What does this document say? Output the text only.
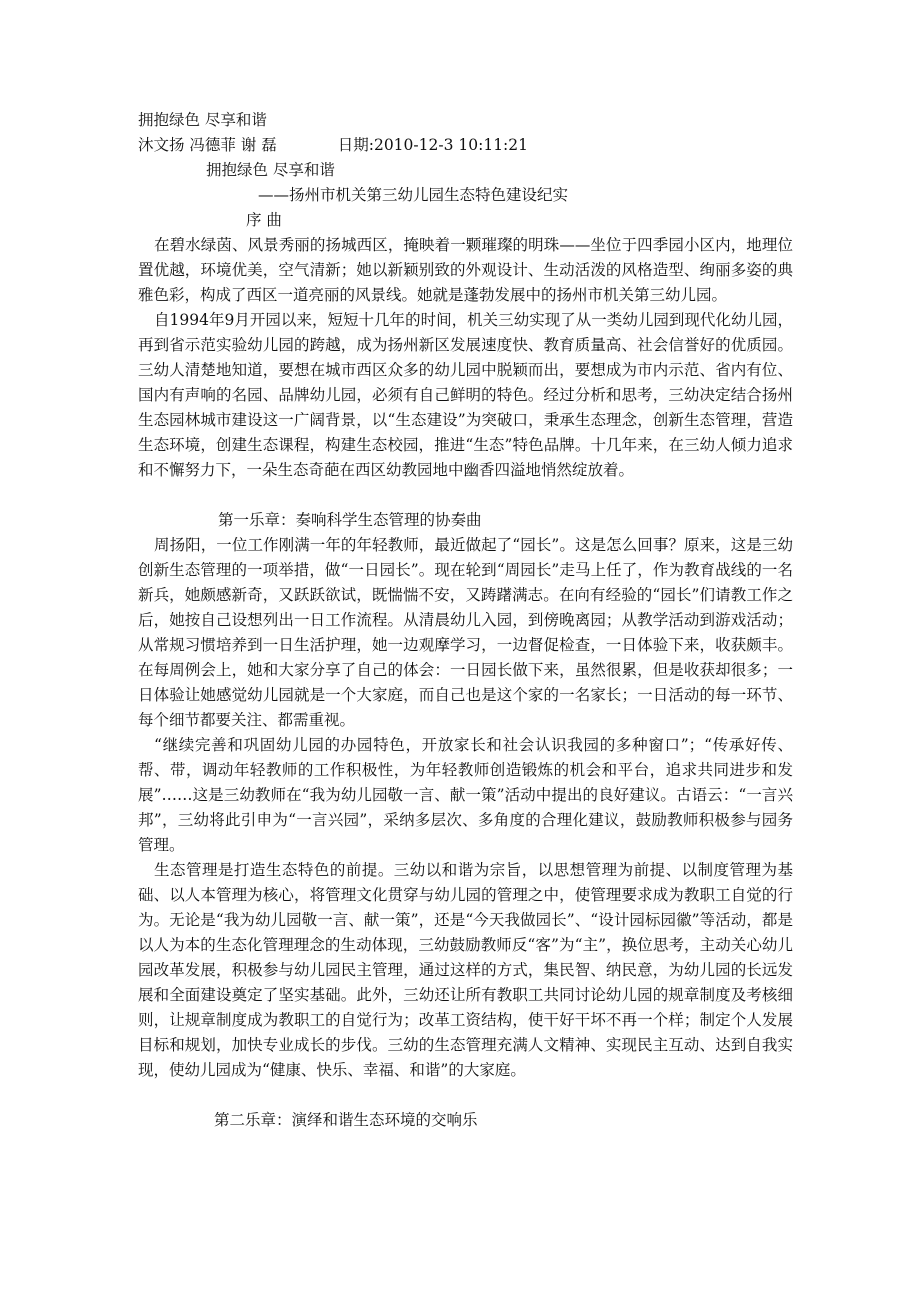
拥抱绿色 尽享和谐
沐文扬 冯德菲 谢 磊	日期:2010-12-3 10:11:21
拥抱绿色 尽享和谐
——扬州市机关第三幼儿园生态特色建设纪实
序 曲

在碧水绿茵、风景秀丽的扬城西区，掩映着一颗璀璨的明珠——坐位于四季园小区内，地理位置优越，环境优美，空气清新；她以新颖别致的外观设计、生动活泼的风格造型、绚丽多姿的典雅色彩，构成了西区一道亮丽的风景线。她就是蓬勃发展中的扬州市机关第三幼儿园。

自1994年9月开园以来，短短十几年的时间，机关三幼实现了从一类幼儿园到现代化幼儿园，再到省示范实验幼儿园的跨越，成为扬州新区发展速度快、教育质量高、社会信誉好的优质园。三幼人清楚地知道，要想在城市西区众多的幼儿园中脱颖而出，要想成为市内示范、省内有位、国内有声响的名园、品牌幼儿园，必须有自己鲜明的特色。经过分析和思考，三幼决定结合扬州生态园林城市建设这一广阔背景，以“生态建设”为突破口，秉承生态理念，创新生态管理，营造生态环境，创建生态课程，构建生态校园，推进“生态”特色品牌。十几年来，在三幼人倾力追求和不懈努力下，一朵生态奇葩在西区幼教园地中幽香四溢地悄然绽放着。

第一乐章：奏响科学生态管理的协奏曲

周扬阳，一位工作刚满一年的年轻教师，最近做起了“园长”。这是怎么回事？原来，这是三幼创新生态管理的一项举措，做“一日园长”。现在轮到“周园长”走马上任了，作为教育战线的一名新兵，她颇感新奇，又跃跃欲试，既惴惴不安，又踌躇满志。在向有经验的“园长”们请教工作之后，她按自己设想列出一日工作流程。从清晨幼儿入园，到傍晚离园；从教学活动到游戏活动；从常规习惯培养到一日生活护理，她一边观摩学习，一边督促检查，一日体验下来，收获颇丰。在每周例会上，她和大家分享了自己的体会：一日园长做下来，虽然很累，但是收获却很多；一日体验让她感觉幼儿园就是一个大家庭，而自己也是这个家的一名家长；一日活动的每一环节、每个细节都要关注、都需重视。

“继续完善和巩固幼儿园的办园特色，开放家长和社会认识我园的多种窗口”；“传承好传、帮、带，调动年轻教师的工作积极性，为年轻教师创造锻炼的机会和平台，追求共同进步和发展”……这是三幼教师在“我为幼儿园敬一言、献一策”活动中提出的良好建议。古语云：“一言兴邦”，三幼将此引申为“一言兴园”，采纳多层次、多角度的合理化建议，鼓励教师积极参与园务管理。

生态管理是打造生态特色的前提。三幼以和谐为宗旨，以思想管理为前提、以制度管理为基础、以人本管理为核心，将管理文化贯穿与幼儿园的管理之中，使管理要求成为教职工自觉的行为。无论是“我为幼儿园敬一言、献一策”，还是“今天我做园长”、“设计园标园徽”等活动，都是以人为本的生态化管理理念的生动体现，三幼鼓励教师反“客”为“主”，换位思考，主动关心幼儿园改革发展，积极参与幼儿园民主管理，通过这样的方式，集民智、纳民意，为幼儿园的长远发展和全面建设奠定了坚实基础。此外，三幼还让所有教职工共同讨论幼儿园的规章制度及考核细则，让规章制度成为教职工的自觉行为；改革工资结构，使干好干坏不再一个样；制定个人发展目标和规划，加快专业成长的步伐。三幼的生态管理充满人文精神、实现民主互动、达到自我实现，使幼儿园成为“健康、快乐、幸福、和谐”的大家庭。

第二乐章：演绎和谐生态环境的交响乐
